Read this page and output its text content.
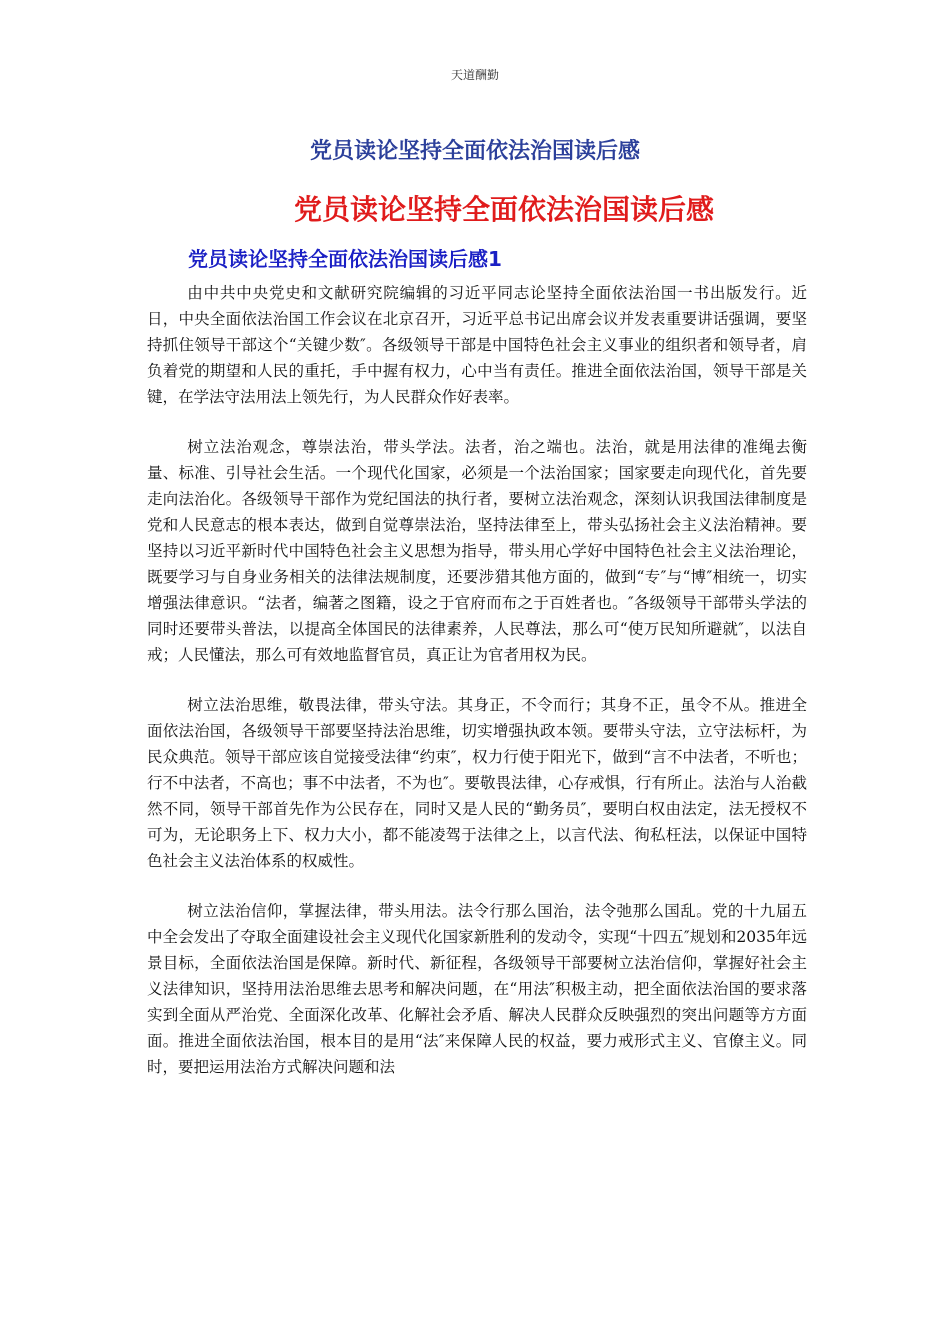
天道酬勤
党员读论坚持全面依法治国读后感
党员读论坚持全面依法治国读后感
党员读论坚持全面依法治国读后感1

由中共中央党史和文献研究院编辑的习近平同志论坚持全面依法治国一书出版发行。近日，中央全面依法治国工作会议在北京召开，习近平总书记出席会议并发表重要讲话强调，要坚持抓住领导干部这个“关键少数″。各级领导干部是中国特色社会主义事业的组织者和领导者，肩负着党的期望和人民的重托，手中握有权力，心中当有责任。推进全面依法治国，领导干部是关键，在学法守法用法上领先行，为人民群众作好表率。

树立法治观念，尊崇法治，带头学法。法者，治之端也。法治，就是用法律的准绳去衡量、标准、引导社会生活。一个现代化国家，必须是一个法治国家；国家要走向现代化，首先要走向法治化。各级领导干部作为党纪国法的执行者，要树立法治观念，深刻认识我国法律制度是党和人民意志的根本表达，做到自觉尊崇法治，坚持法律至上，带头弘扬社会主义法治精神。要坚持以习近平新时代中国特色社会主义思想为指导，带头用心学好中国特色社会主义法治理论，既要学习与自身业务相关的法律法规制度，还要涉猎其他方面的，做到“专″与“博″相统一，切实增强法律意识。“法者，编著之图籍，设之于官府而布之于百姓者也。″各级领导干部带头学法的同时还要带头普法，以提高全体国民的法律素养，人民尊法，那么可“使万民知所避就″，以法自戒；人民懂法，那么可有效地监督官员，真正让为官者用权为民。

树立法治思维，敬畏法律，带头守法。其身正，不令而行；其身不正，虽令不从。推进全面依法治国，各级领导干部要坚持法治思维，切实增强执政本领。要带头守法，立守法标杆，为民众典范。领导干部应该自觉接受法律“约束″，权力行使于阳光下，做到“言不中法者，不听也；行不中法者，不高也；事不中法者，不为也″。要敬畏法律，心存戒惧，行有所止。法治与人治截然不同，领导干部首先作为公民存在，同时又是人民的“勤务员″，要明白权由法定，法无授权不可为，无论职务上下、权力大小，都不能凌驾于法律之上，以言代法、徇私枉法，以保证中国特色社会主义法治体系的权威性。

树立法治信仰，掌握法律，带头用法。法令行那么国治，法令弛那么国乱。党的十九届五中全会发出了夺取全面建设社会主义现代化国家新胜利的发动令，实现“十四五″规划和2035年远景目标，全面依法治国是保障。新时代、新征程，各级领导干部要树立法治信仰，掌握好社会主义法律知识，坚持用法治思维去思考和解决问题，在“用法″积极主动，把全面依法治国的要求落实到全面从严治党、全面深化改革、化解社会矛盾、解决人民群众反映强烈的突出问题等方方面面。推进全面依法治国，根本目的是用“法″来保障人民的权益，要力戒形式主义、官僚主义。同时，要把运用法治方式解决问题和法
